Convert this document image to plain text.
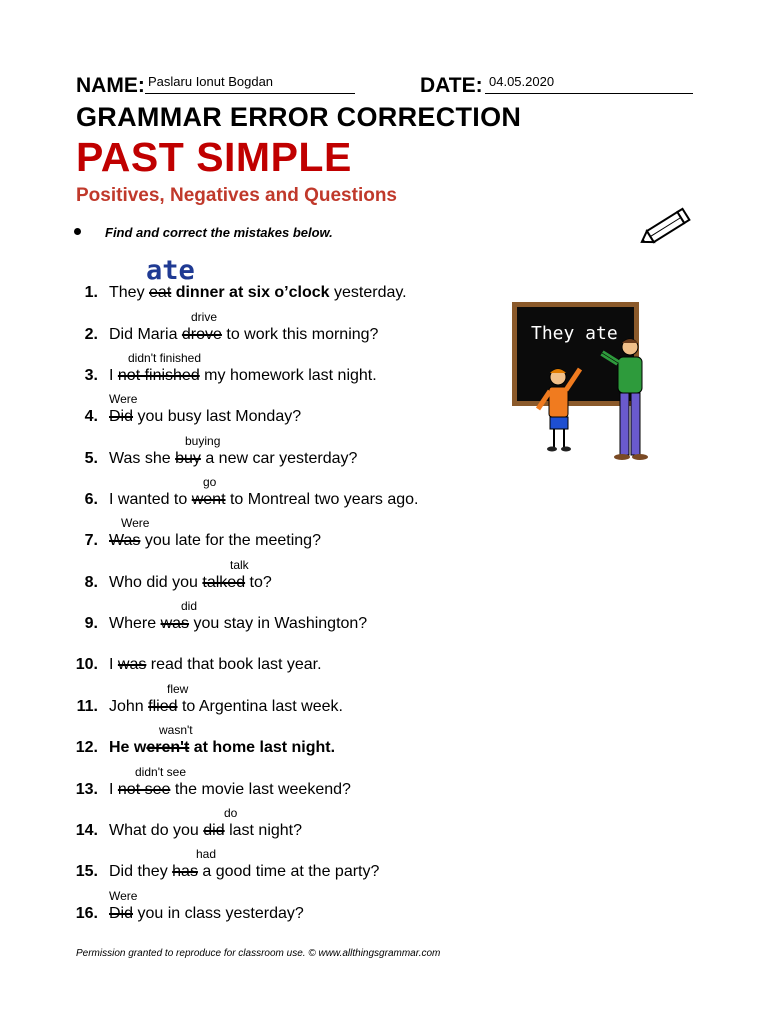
NAME: Paslaru Ionut Bogdan	DATE: 04.05.2020
GRAMMAR ERROR CORRECTION
PAST SIMPLE
Positives, Negatives and Questions
Find and correct the mistakes below.
ate
1. They eat dinner at six o’clock yesterday.
2. Did Maria drove to work this morning?
drive
3. I not finished my homework last night.
didn't finished
4. Did you busy last Monday?
Were
5. Was she buy a new car yesterday?
buying
6. I wanted to went to Montreal two years ago.
go
7. Was you late for the meeting?
Were
8. Who did you talked to?
talk
9. Where was you stay in Washington?
did
10. I was read that book last year.
11. John flied to Argentina last week.
flew
12. He weren't at home last night.
wasn't
13. I not see the movie last weekend?
didn't see
14. What do you did last night?
do
15. Did they has a good time at the party?
had
16. Did you in class yesterday?
Were
They ate
Permission granted to reproduce for classroom use. © www.allthingsgrammar.com
